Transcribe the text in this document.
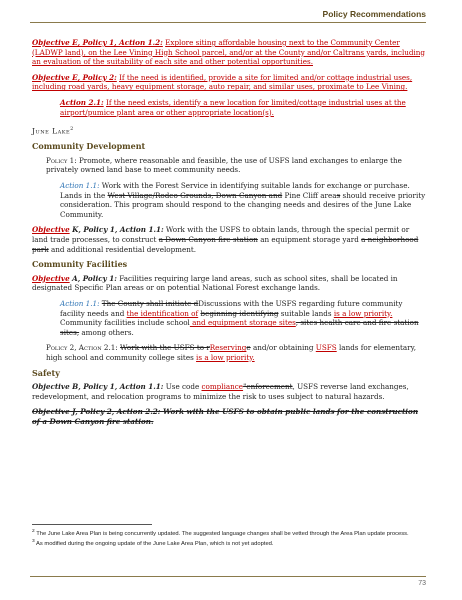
Policy Recommendations

Objective E, Policy 1, Action 1.2: Explore siting affordable housing next to the Community Center (LADWP land), on the Lee Vining High School parcel, and/or at the County and/or Caltrans yards, including an evaluation of the suitability of each site and other potential opportunities.

Objective E, Policy 2: If the need is identified, provide a site for limited and/or cottage industrial uses, including road yards, heavy equipment storage, auto repair, and similar uses, proximate to Lee Vining.

Action 2.1: If the need exists, identify a new location for limited/cottage industrial uses at the airport/pumice plant area or other appropriate location(s).

June Lake$^2$
Community Development

Policy 1: Promote, where reasonable and feasible, the use of USFS land exchanges to enlarge the privately owned land base to meet community needs.

Action 1.1: Work with the Forest Service in identifying suitable lands for exchange or purchase. Lands in the West Village/Rodeo Grounds, Down Canyon and Pine Cliff areas should receive priority consideration. This program should respond to the changing needs and desires of the June Lake Community.

Objective K, Policy 1, Action 1.1: Work with the USFS to obtain lands, through the special permit or land trade processes, to construct a Down Canyon fire station an equipment storage yard a neighborhood park and additional residential development.

Community Facilities

Objective A, Policy 1: Facilities requiring large land areas, such as school sites, shall be located in designated Specific Plan areas or on potential National Forest exchange lands.

Action 1.1: The County shall initiate dDiscussions with the USFS regarding future community facility needs and the identification of beginning identifying suitable lands is a low priority. Community facilities include school and equipment storage sites, sites health care and fire station sites, among others.

Policy 2, Action 2.1: Work with the USFS to rReservinge and/or obtaining USFS lands for elementary, high school and community college sites is a low priority.

Safety

Objective B, Policy 1, Action 1.1: Use code compliance"enforcement, USFS reverse land exchanges, redevelopment, and relocation programs to minimize the risk to uses subject to natural hazards.

Objective J, Policy 2, Action 2.2: Work with the USFS to obtain public lands for the construction of a Down Canyon fire station.

$^2$ The June Lake Area Plan is being concurrently updated. The suggested language changes shall be vetted through the Area Plan update process.
$^3$ As modified during the ongoing update of the June Lake Area Plan, which is not yet adopted.
73
